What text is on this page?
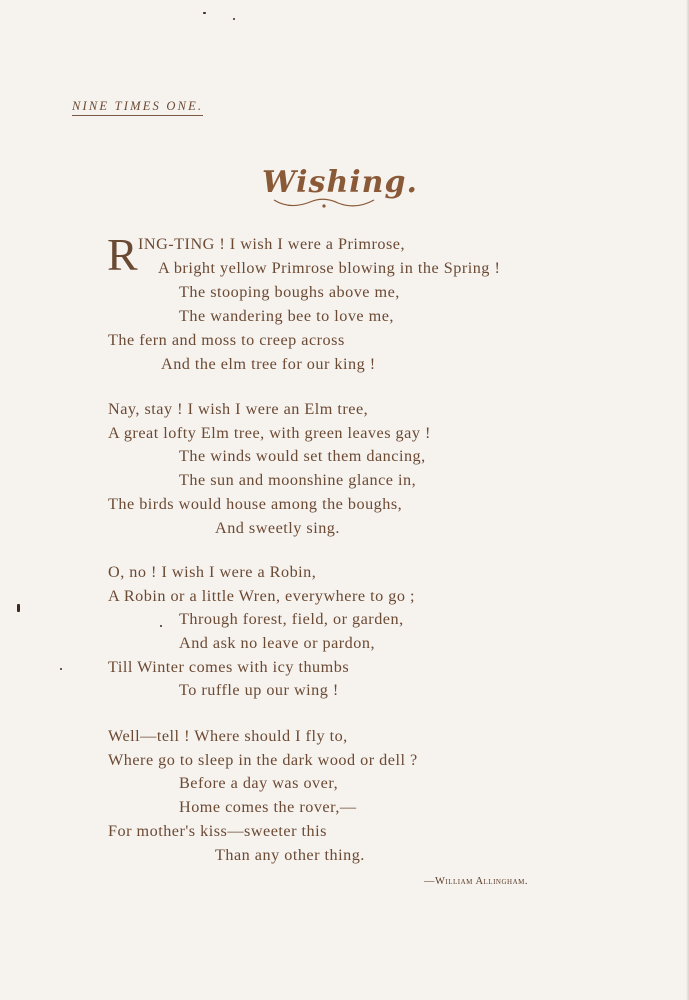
NINE TIMES ONE.
Wishing.
R ING-TING ! I wish I were a Primrose,
A bright yellow Primrose blowing in the Spring !
The stooping boughs above me,
The wandering bee to love me,
The fern and moss to creep across
And the elm tree for our king !
Nay, stay ! I wish I were an Elm tree,
A great lofty Elm tree, with green leaves gay !
The winds would set them dancing,
The sun and moonshine glance in,
The birds would house among the boughs,
And sweetly sing.
O, no ! I wish I were a Robin,
A Robin or a little Wren, everywhere to go ;
Through forest, field, or garden,
And ask no leave or pardon,
Till Winter comes with icy thumbs
To ruffle up our wing !
Well—tell ! Where should I fly to,
Where go to sleep in the dark wood or dell ?
Before a day was over,
Home comes the rover,—
For mother's kiss—sweeter this
Than any other thing.
—William Allingham.
